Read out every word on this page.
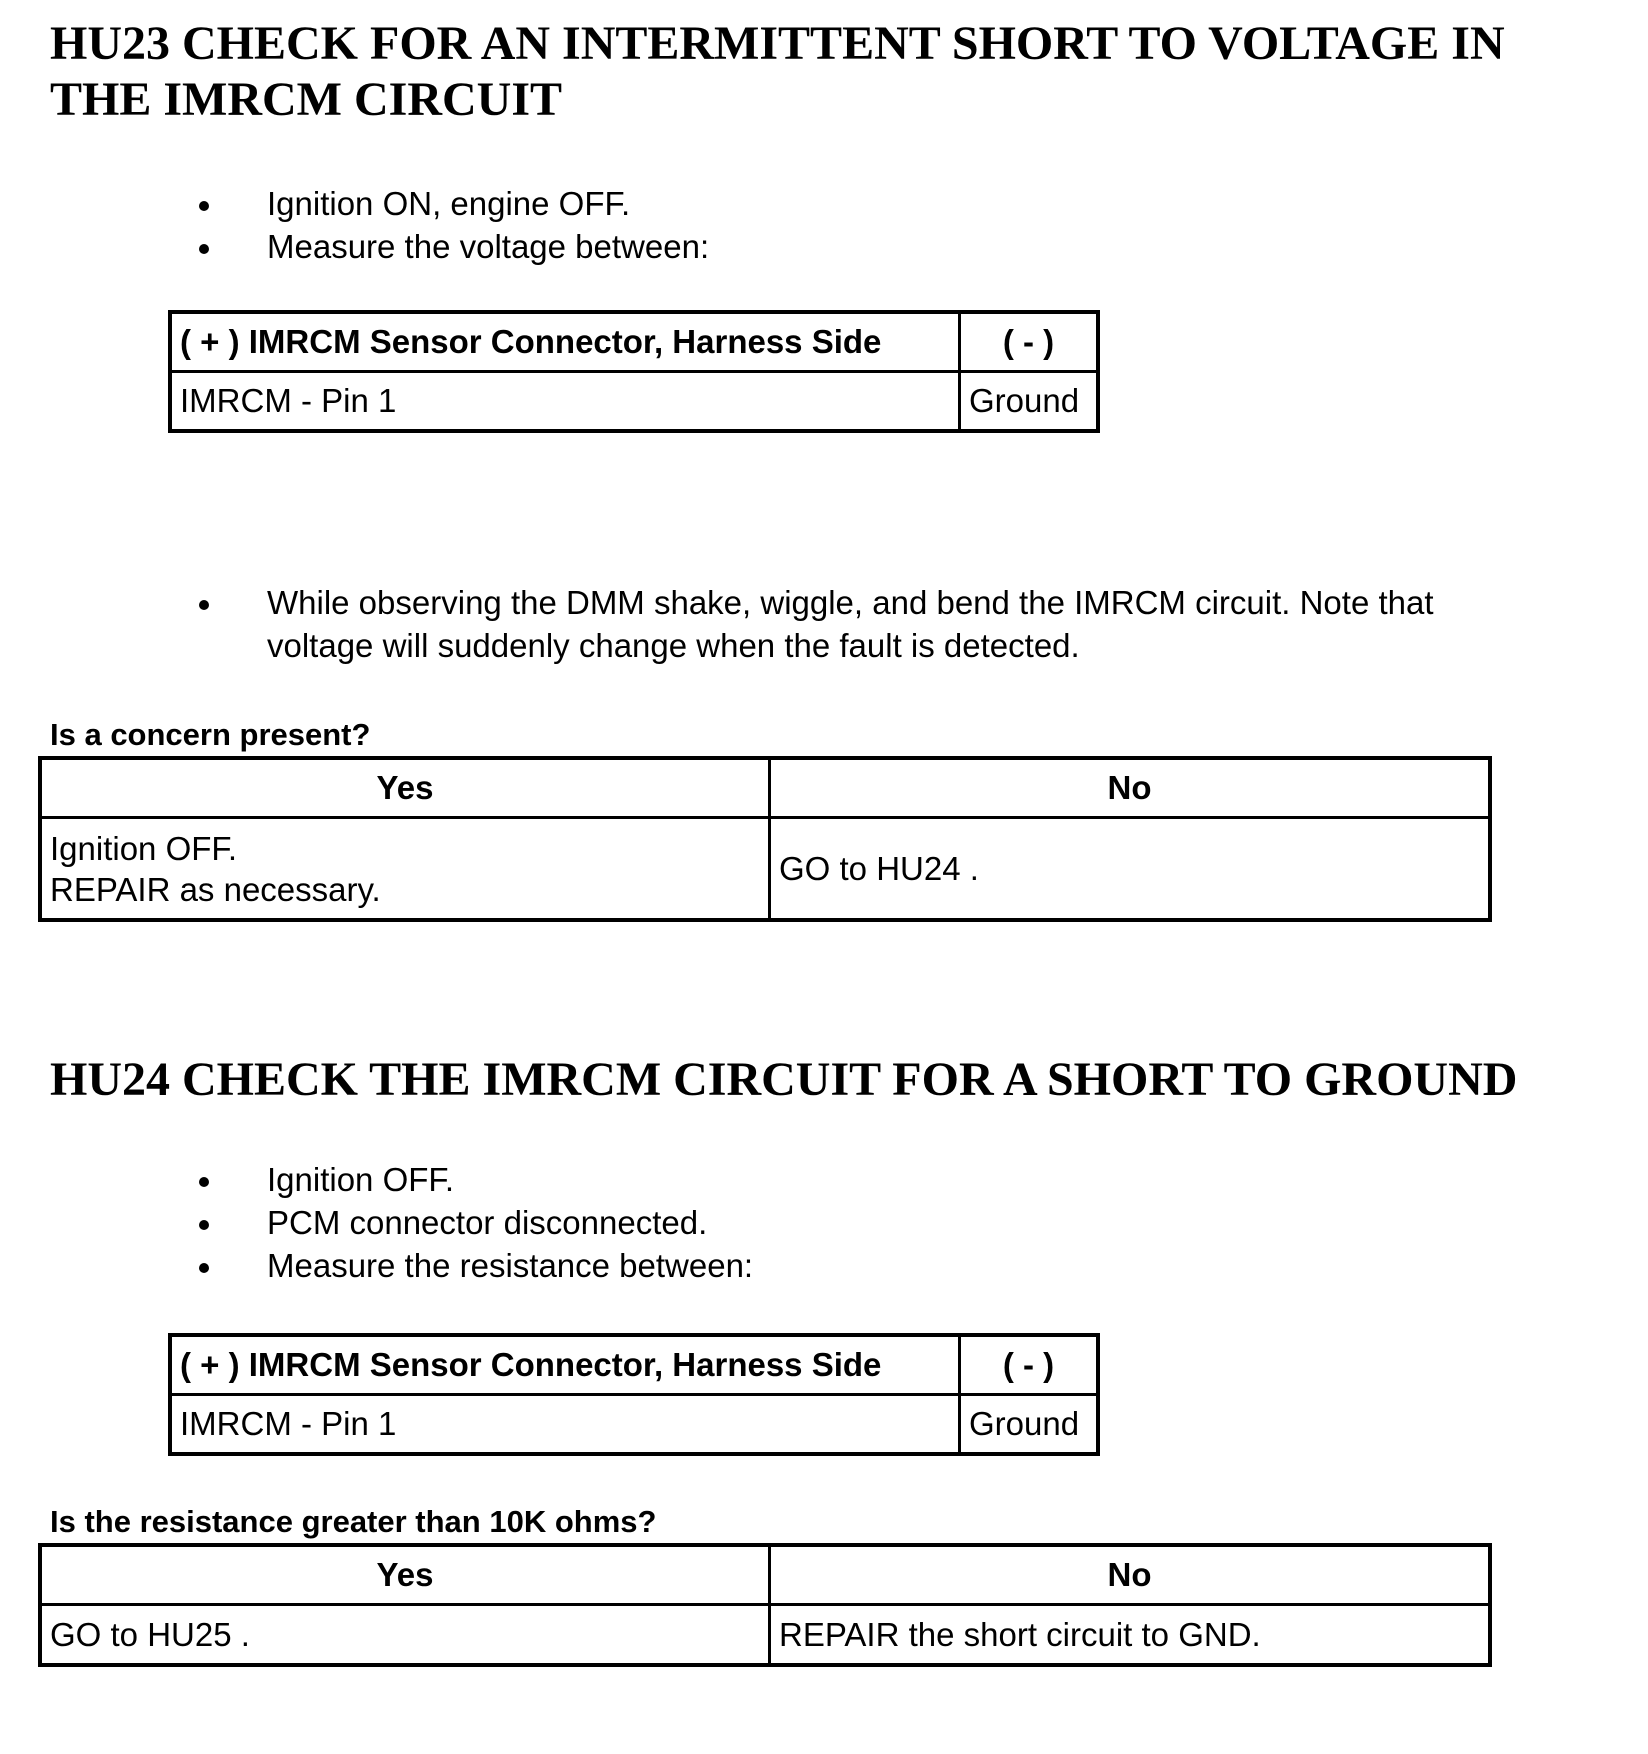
HU23 CHECK FOR AN INTERMITTENT SHORT TO VOLTAGE IN
THE IMRCM CIRCUIT
Ignition ON, engine OFF.
Measure the voltage between:
( + ) IMRCM Sensor Connector, Harness Side	( - )
IMRCM - Pin 1	Ground
While observing the DMM shake, wiggle, and bend the IMRCM circuit. Note that
voltage will suddenly change when the fault is detected.

Is a concern present?

Yes	No
Ignition OFF.
REPAIR as necessary.	GO to HU24 .
HU24 CHECK THE IMRCM CIRCUIT FOR A SHORT TO GROUND
Ignition OFF.
PCM connector disconnected.
Measure the resistance between:
( + ) IMRCM Sensor Connector, Harness Side	( - )
IMRCM - Pin 1	Ground

Is the resistance greater than 10K ohms?

Yes	No
GO to HU25 .	REPAIR the short circuit to GND.
